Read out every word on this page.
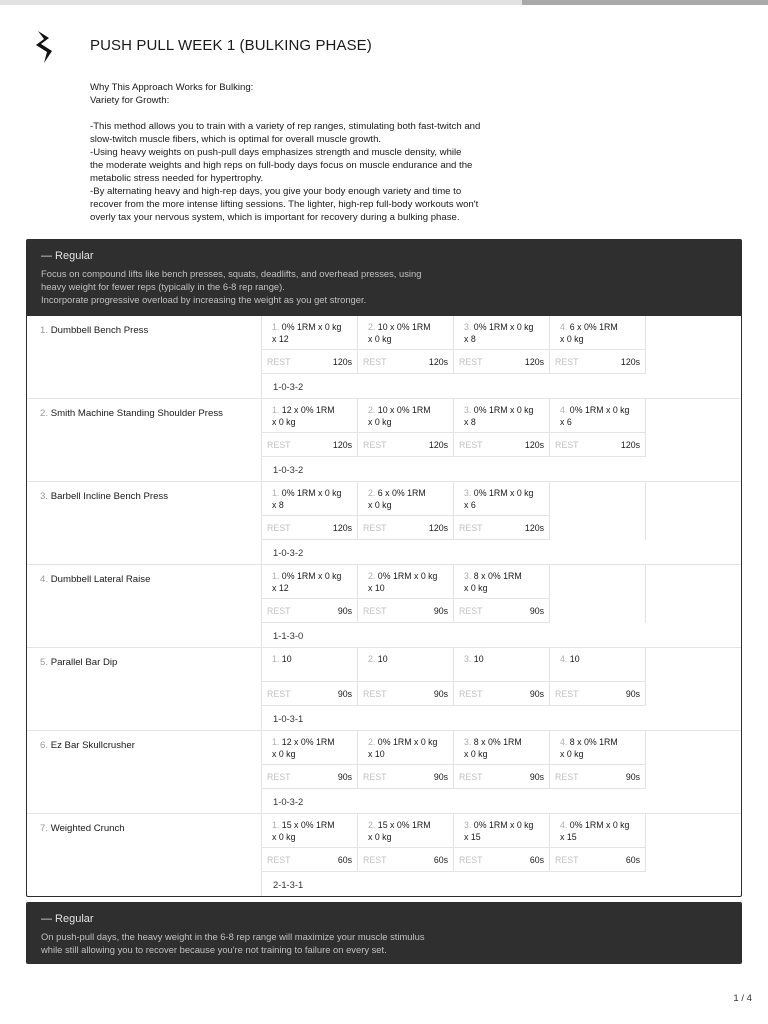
PUSH PULL WEEK 1 (BULKING PHASE)

Why This Approach Works for Bulking:

Variety for Growth:

-This method allows you to train with a variety of rep ranges, stimulating both fast-twitch and

slow-twitch muscle fibers, which is optimal for overall muscle growth.

-Using heavy weights on push-pull days emphasizes strength and muscle density, while

the moderate weights and high reps on full-body days focus on muscle endurance and the

metabolic stress needed for hypertrophy.

-By alternating heavy and high-rep days, you give your body enough variety and time to

recover from the more intense lifting sessions. The lighter, high-rep full-body workouts won't

overly tax your nervous system, which is important for recovery during a bulking phase.

— Regular

Focus on compound lifts like bench presses, squats, deadlifts, and overhead presses, using

heavy weight for fewer reps (typically in the 6-8 rep range).

Incorporate progressive overload by increasing the weight as you get stronger.

1. Dumbbell Bench Press	1. 0% 1RM x 0 kg
x 12
2. 10 x 0% 1RM
x 0 kg
3. 0% 1RM x 0 kg
x 8
4. 6 x 0% 1RM
x 0 kg
REST	120s REST	120s REST	120s REST	120s
1-0-3-2
2. Smith Machine Standing Shoulder Press	1. 12 x 0% 1RM
x 0 kg
2. 10 x 0% 1RM
x 0 kg
3. 0% 1RM x 0 kg
x 8
4. 0% 1RM x 0 kg
x 6
REST	120s REST	120s REST	120s REST	120s
1-0-3-2
3. Barbell Incline Bench Press	1. 0% 1RM x 0 kg
x 8
2. 6 x 0% 1RM
x 0 kg
3. 0% 1RM x 0 kg
x 6
REST	120s REST	120s REST	120s
1-0-3-2
4. Dumbbell Lateral Raise	1. 0% 1RM x 0 kg
x 12
2. 0% 1RM x 0 kg
x 10
3. 8 x 0% 1RM
x 0 kg
REST	90s REST	90s REST	90s
1-1-3-0
5. Parallel Bar Dip	1. 10	2. 10	3. 10	4. 10
REST	90s REST	90s REST	90s REST	90s
1-0-3-1
6. Ez Bar Skullcrusher	1. 12 x 0% 1RM
x 0 kg
2. 0% 1RM x 0 kg
x 10
3. 8 x 0% 1RM
x 0 kg
4. 8 x 0% 1RM
x 0 kg
REST	90s REST	90s REST	90s REST	90s
1-0-3-2
7. Weighted Crunch	1. 15 x 0% 1RM
x 0 kg
2. 15 x 0% 1RM
x 0 kg
3. 0% 1RM x 0 kg
x 15
4. 0% 1RM x 0 kg
x 15
REST	60s REST	60s REST	60s REST	60s
2-1-3-1
— Regular

On push-pull days, the heavy weight in the 6-8 rep range will maximize your muscle stimulus

while still allowing you to recover because you're not training to failure on every set.

1 / 4
